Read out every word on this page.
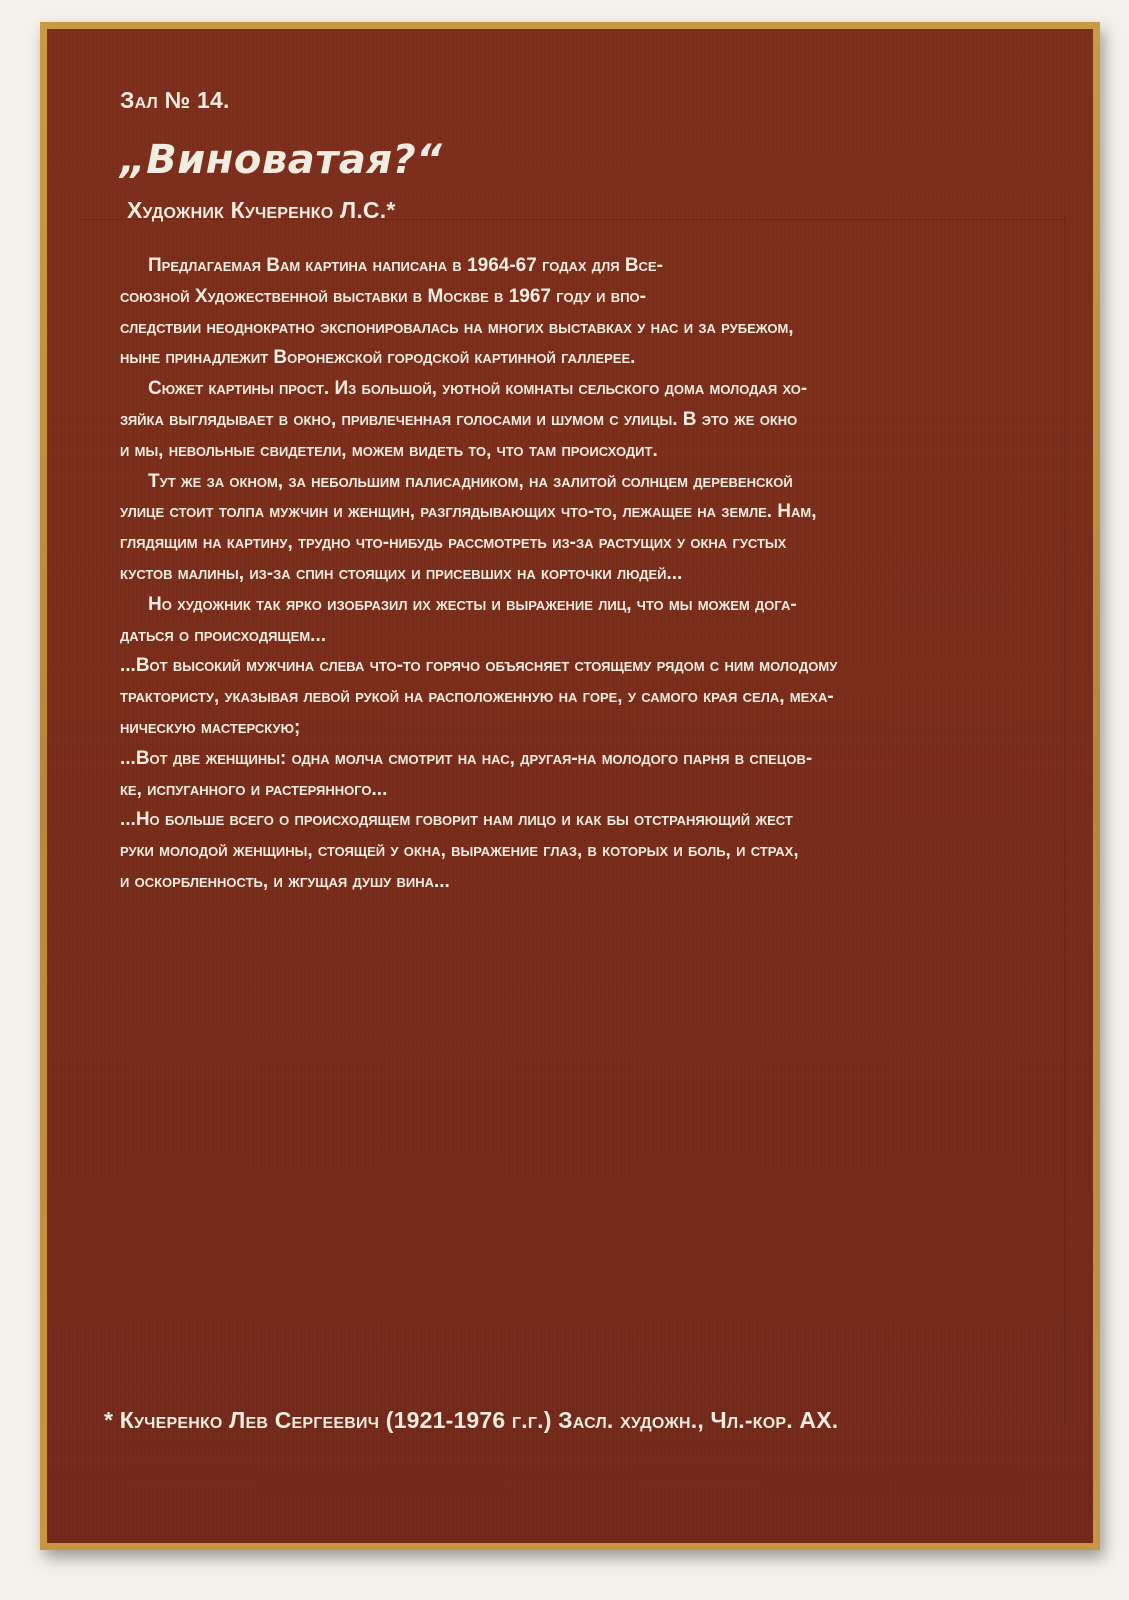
Зал № 14.
„Виноватая?“
Художник Кучеренко Л.С.*
Предлагаемая Вам картина написана в 1964-67 годах для Все-
союзной Художественной выставки в Москве в 1967 году и впо-
следствии неоднократно экспонировалась на многих выставках у нас и за рубежом,
ныне принадлежит Воронежской городской картинной галлерее.
Сюжет картины прост. Из большой, уютной комнаты сельского дома молодая хо-
зяйка выглядывает в окно, привлеченная голосами и шумом с улицы. В это же окно
и мы, невольные свидетели, можем видеть то, что там происходит.
Тут же за окном, за небольшим палисадником, на залитой солнцем деревенской
улице стоит толпа мужчин и женщин, разглядывающих что-то, лежащее на земле. Нам,
глядящим на картину, трудно что-нибудь рассмотреть из-за растущих у окна густых
кустов малины, из-за спин стоящих и присевших на корточки людей...
Но художник так ярко изобразил их жесты и выражение лиц, что мы можем дога-
даться о происходящем...
...Вот высокий мужчина слева что-то горячо объясняет стоящему рядом с ним молодому
трактористу, указывая левой рукой на расположенную на горе, у самого края села, меха-
ническую мастерскую;
...Вот две женщины: одна молча смотрит на нас, другая-на молодого парня в спецов-
ке, испуганного и растерянного...
...Но больше всего о происходящем говорит нам лицо и как бы отстраняющий жест
руки молодой женщины, стоящей у окна, выражение глаз, в которых и боль, и страх,
и оскорбленность, и жгущая душу вина...
* Кучеренко Лев Сергеевич (1921-1976 г.г.) Засл. художн., Чл.-кор. АХ.
